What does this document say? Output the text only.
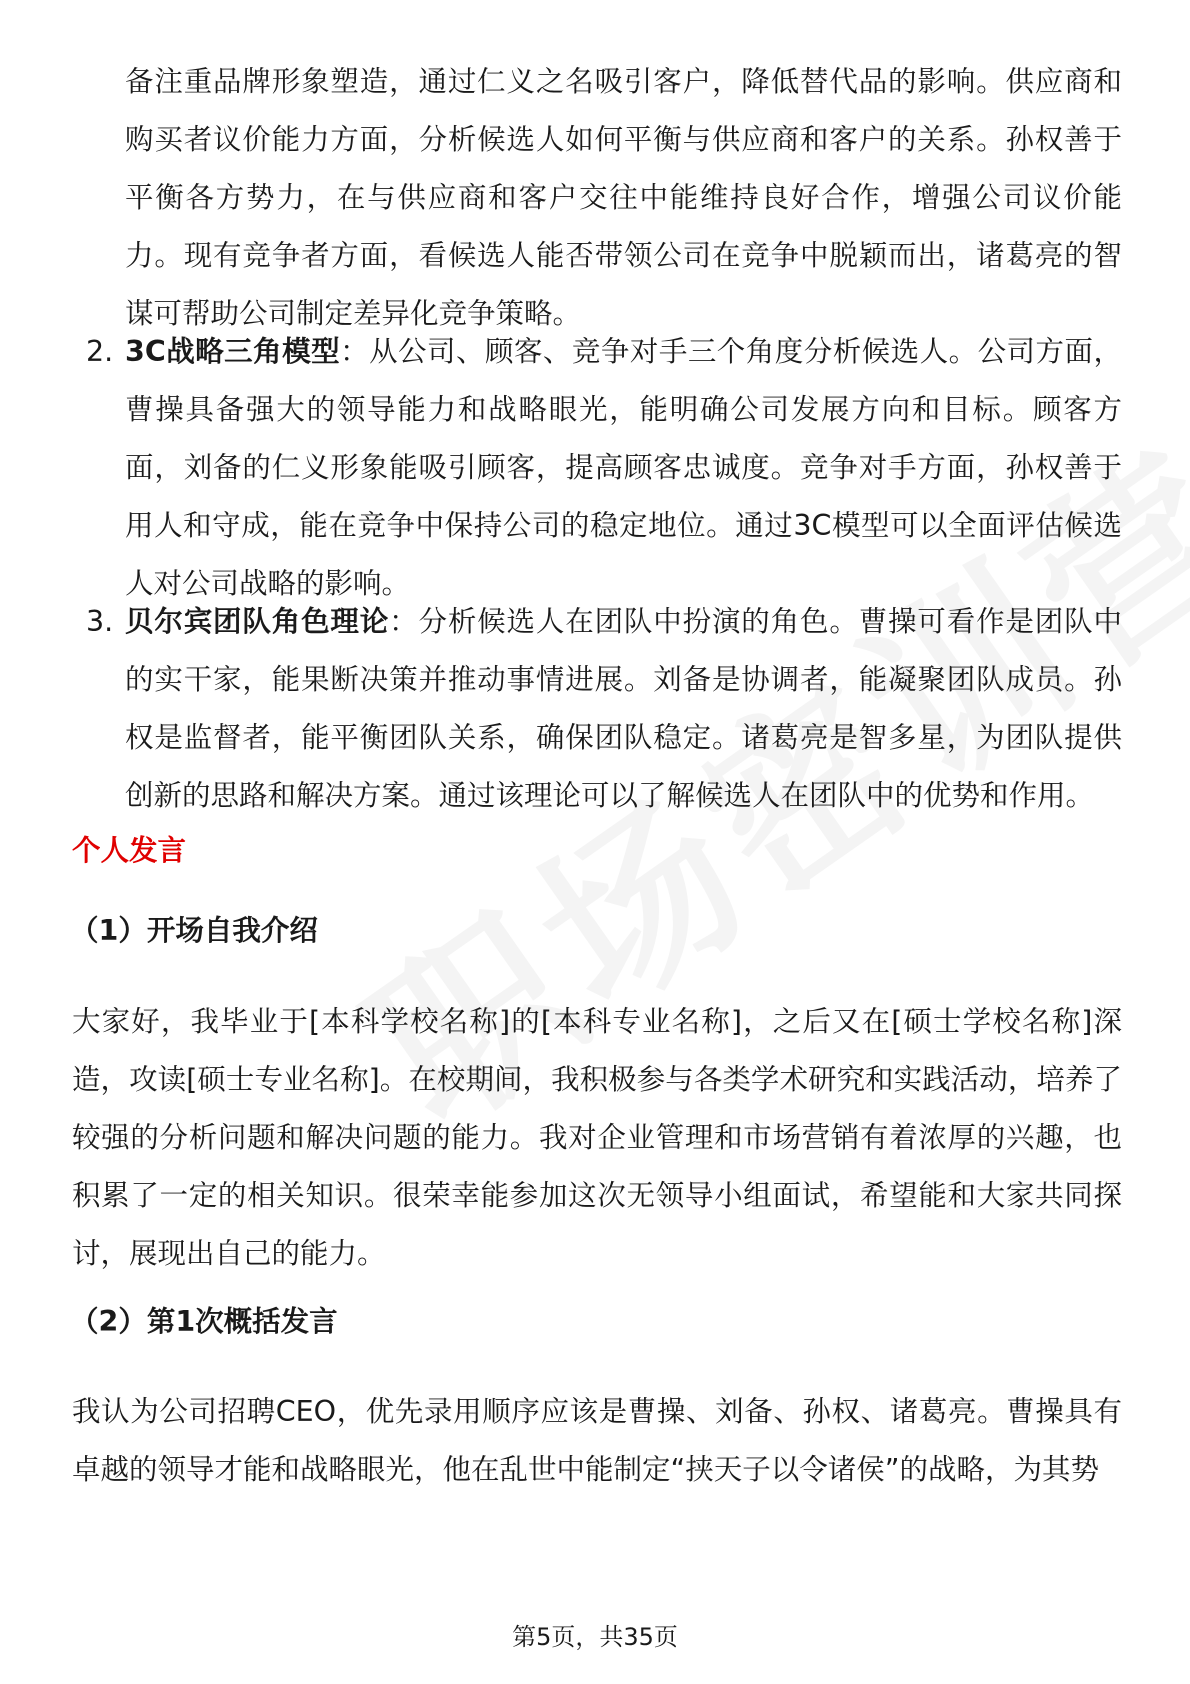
备注重品牌形象塑造，通过仁义之名吸引客户，降低替代品的影响。供应商和购买者议价能力方面，分析候选人如何平衡与供应商和客户的关系。孙权善于平衡各方势力，在与供应商和客户交往中能维持良好合作，增强公司议价能力。现有竞争者方面，看候选人能否带领公司在竞争中脱颖而出，诸葛亮的智谋可帮助公司制定差异化竞争策略。
2. 3C战略三角模型：从公司、顾客、竞争对手三个角度分析候选人。公司方面，曹操具备强大的领导能力和战略眼光，能明确公司发展方向和目标。顾客方面，刘备的仁义形象能吸引顾客，提高顾客忠诚度。竞争对手方面，孙权善于用人和守成，能在竞争中保持公司的稳定地位。通过3C模型可以全面评估候选人对公司战略的影响。
3. 贝尔宾团队角色理论：分析候选人在团队中扮演的角色。曹操可看作是团队中的实干家，能果断决策并推动事情进展。刘备是协调者，能凝聚团队成员。孙权是监督者，能平衡团队关系，确保团队稳定。诸葛亮是智多星，为团队提供创新的思路和解决方案。通过该理论可以了解候选人在团队中的优势和作用。
个人发言
（1）开场自我介绍
大家好，我毕业于[本科学校名称]的[本科专业名称]，之后又在[硕士学校名称]深造，攻读[硕士专业名称]。在校期间，我积极参与各类学术研究和实践活动，培养了较强的分析问题和解决问题的能力。我对企业管理和市场营销有着浓厚的兴趣，也积累了一定的相关知识。很荣幸能参加这次无领导小组面试，希望能和大家共同探讨，展现出自己的能力。
（2）第1次概括发言
我认为公司招聘CEO，优先录用顺序应该是曹操、刘备、孙权、诸葛亮。曹操具有卓越的领导才能和战略眼光，他在乱世中能制定“挟天子以令诸侯”的战略，为其势
第5页，共35页
